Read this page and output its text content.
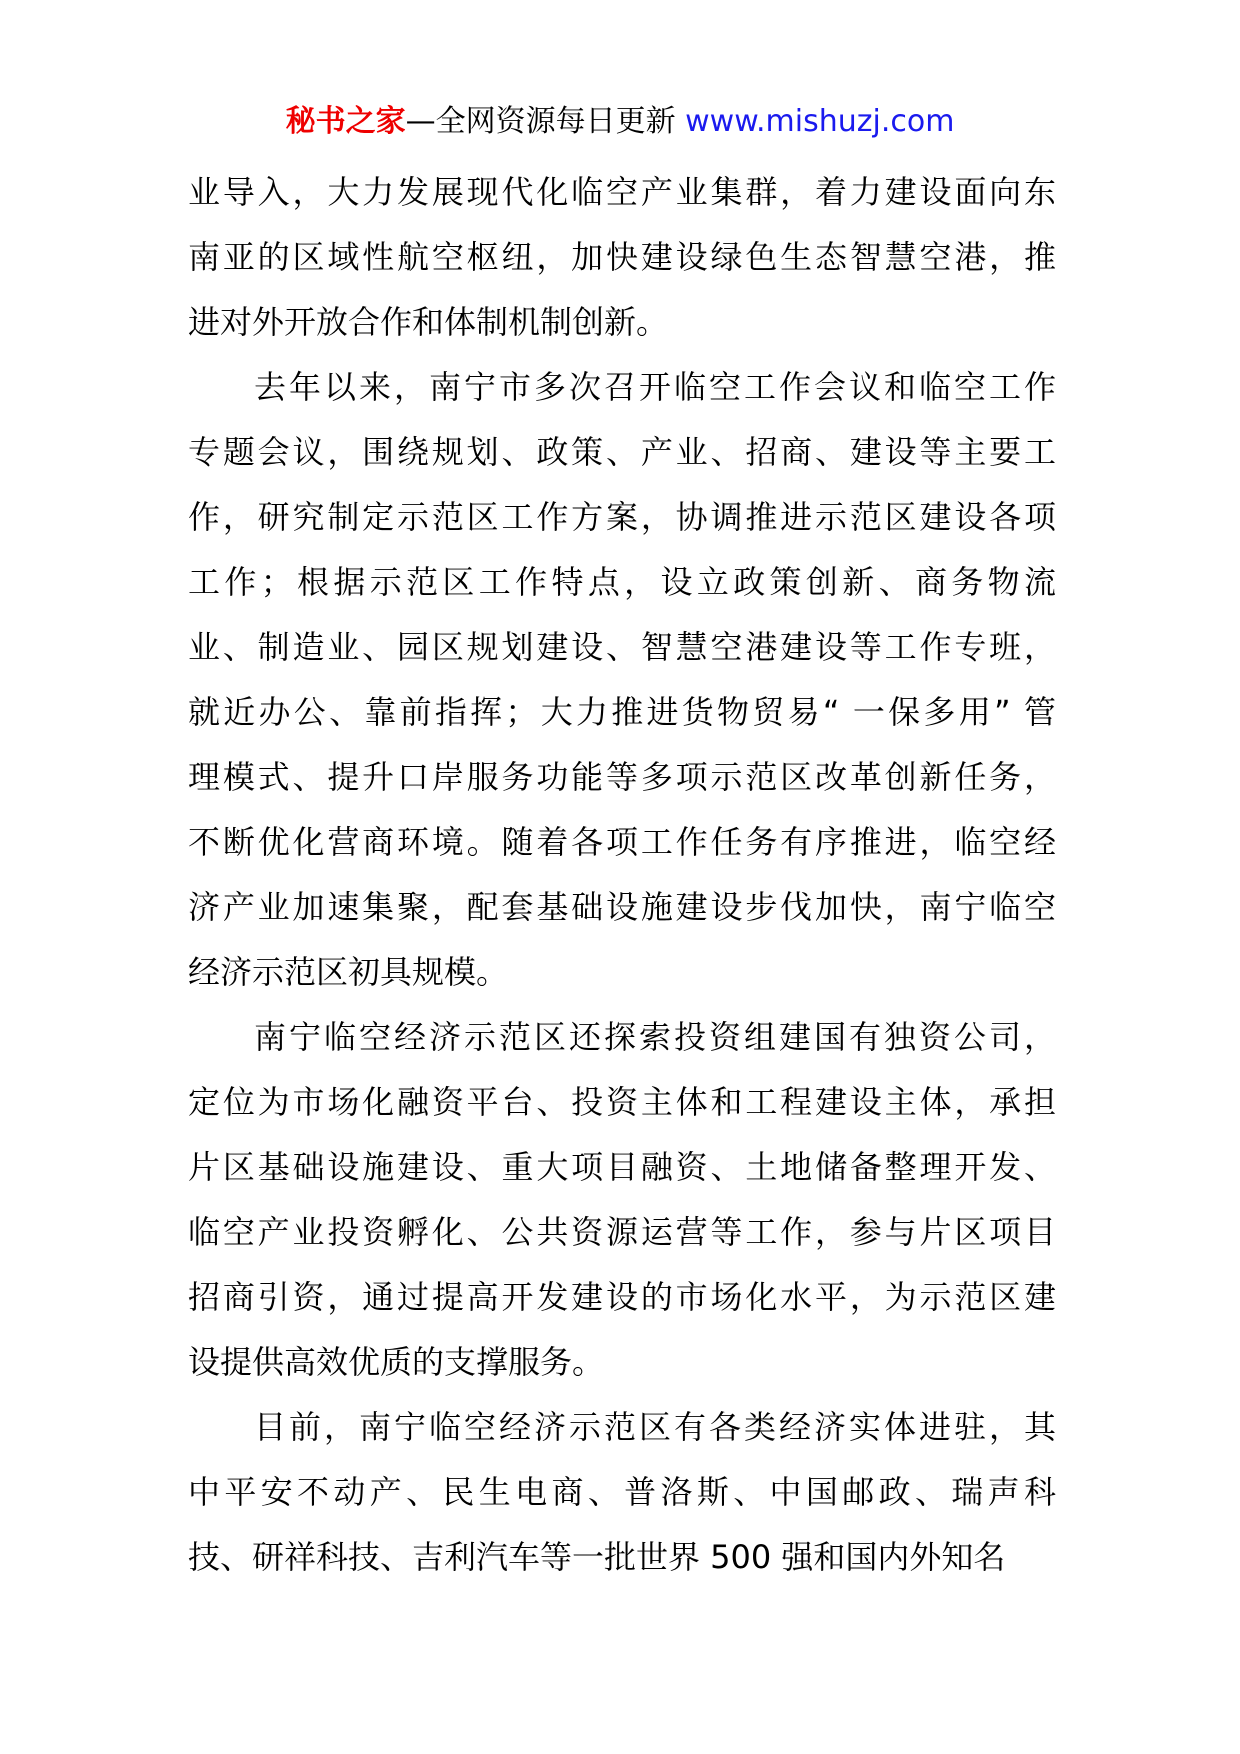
秘书之家—全网资源每日更新 www.mishuzj.com
业导入，大力发展现代化临空产业集群，着力建设面向东
南亚的区域性航空枢纽，加快建设绿色生态智慧空港，推
进对外开放合作和体制机制创新。
去年以来，南宁市多次召开临空工作会议和临空工作
专题会议，围绕规划、政策、产业、招商、建设等主要工
作，研究制定示范区工作方案，协调推进示范区建设各项
工作；根据示范区工作特点，设立政策创新、商务物流
业、制造业、园区规划建设、智慧空港建设等工作专班，
就近办公、靠前指挥；大力推进货物贸易“ 一保多用” 管
理模式、提升口岸服务功能等多项示范区改革创新任务，
不断优化营商环境。随着各项工作任务有序推进，临空经
济产业加速集聚，配套基础设施建设步伐加快，南宁临空
经济示范区初具规模。
南宁临空经济示范区还探索投资组建国有独资公司，
定位为市场化融资平台、投资主体和工程建设主体，承担
片区基础设施建设、重大项目融资、土地储备整理开发、
临空产业投资孵化、公共资源运营等工作，参与片区项目
招商引资，通过提高开发建设的市场化水平，为示范区建
设提供高效优质的支撑服务。
目前，南宁临空经济示范区有各类经济实体进驻，其
中平安不动产、民生电商、普洛斯、中国邮政、瑞声科
技、研祥科技、吉利汽车等一批世界 500 强和国内外知名
